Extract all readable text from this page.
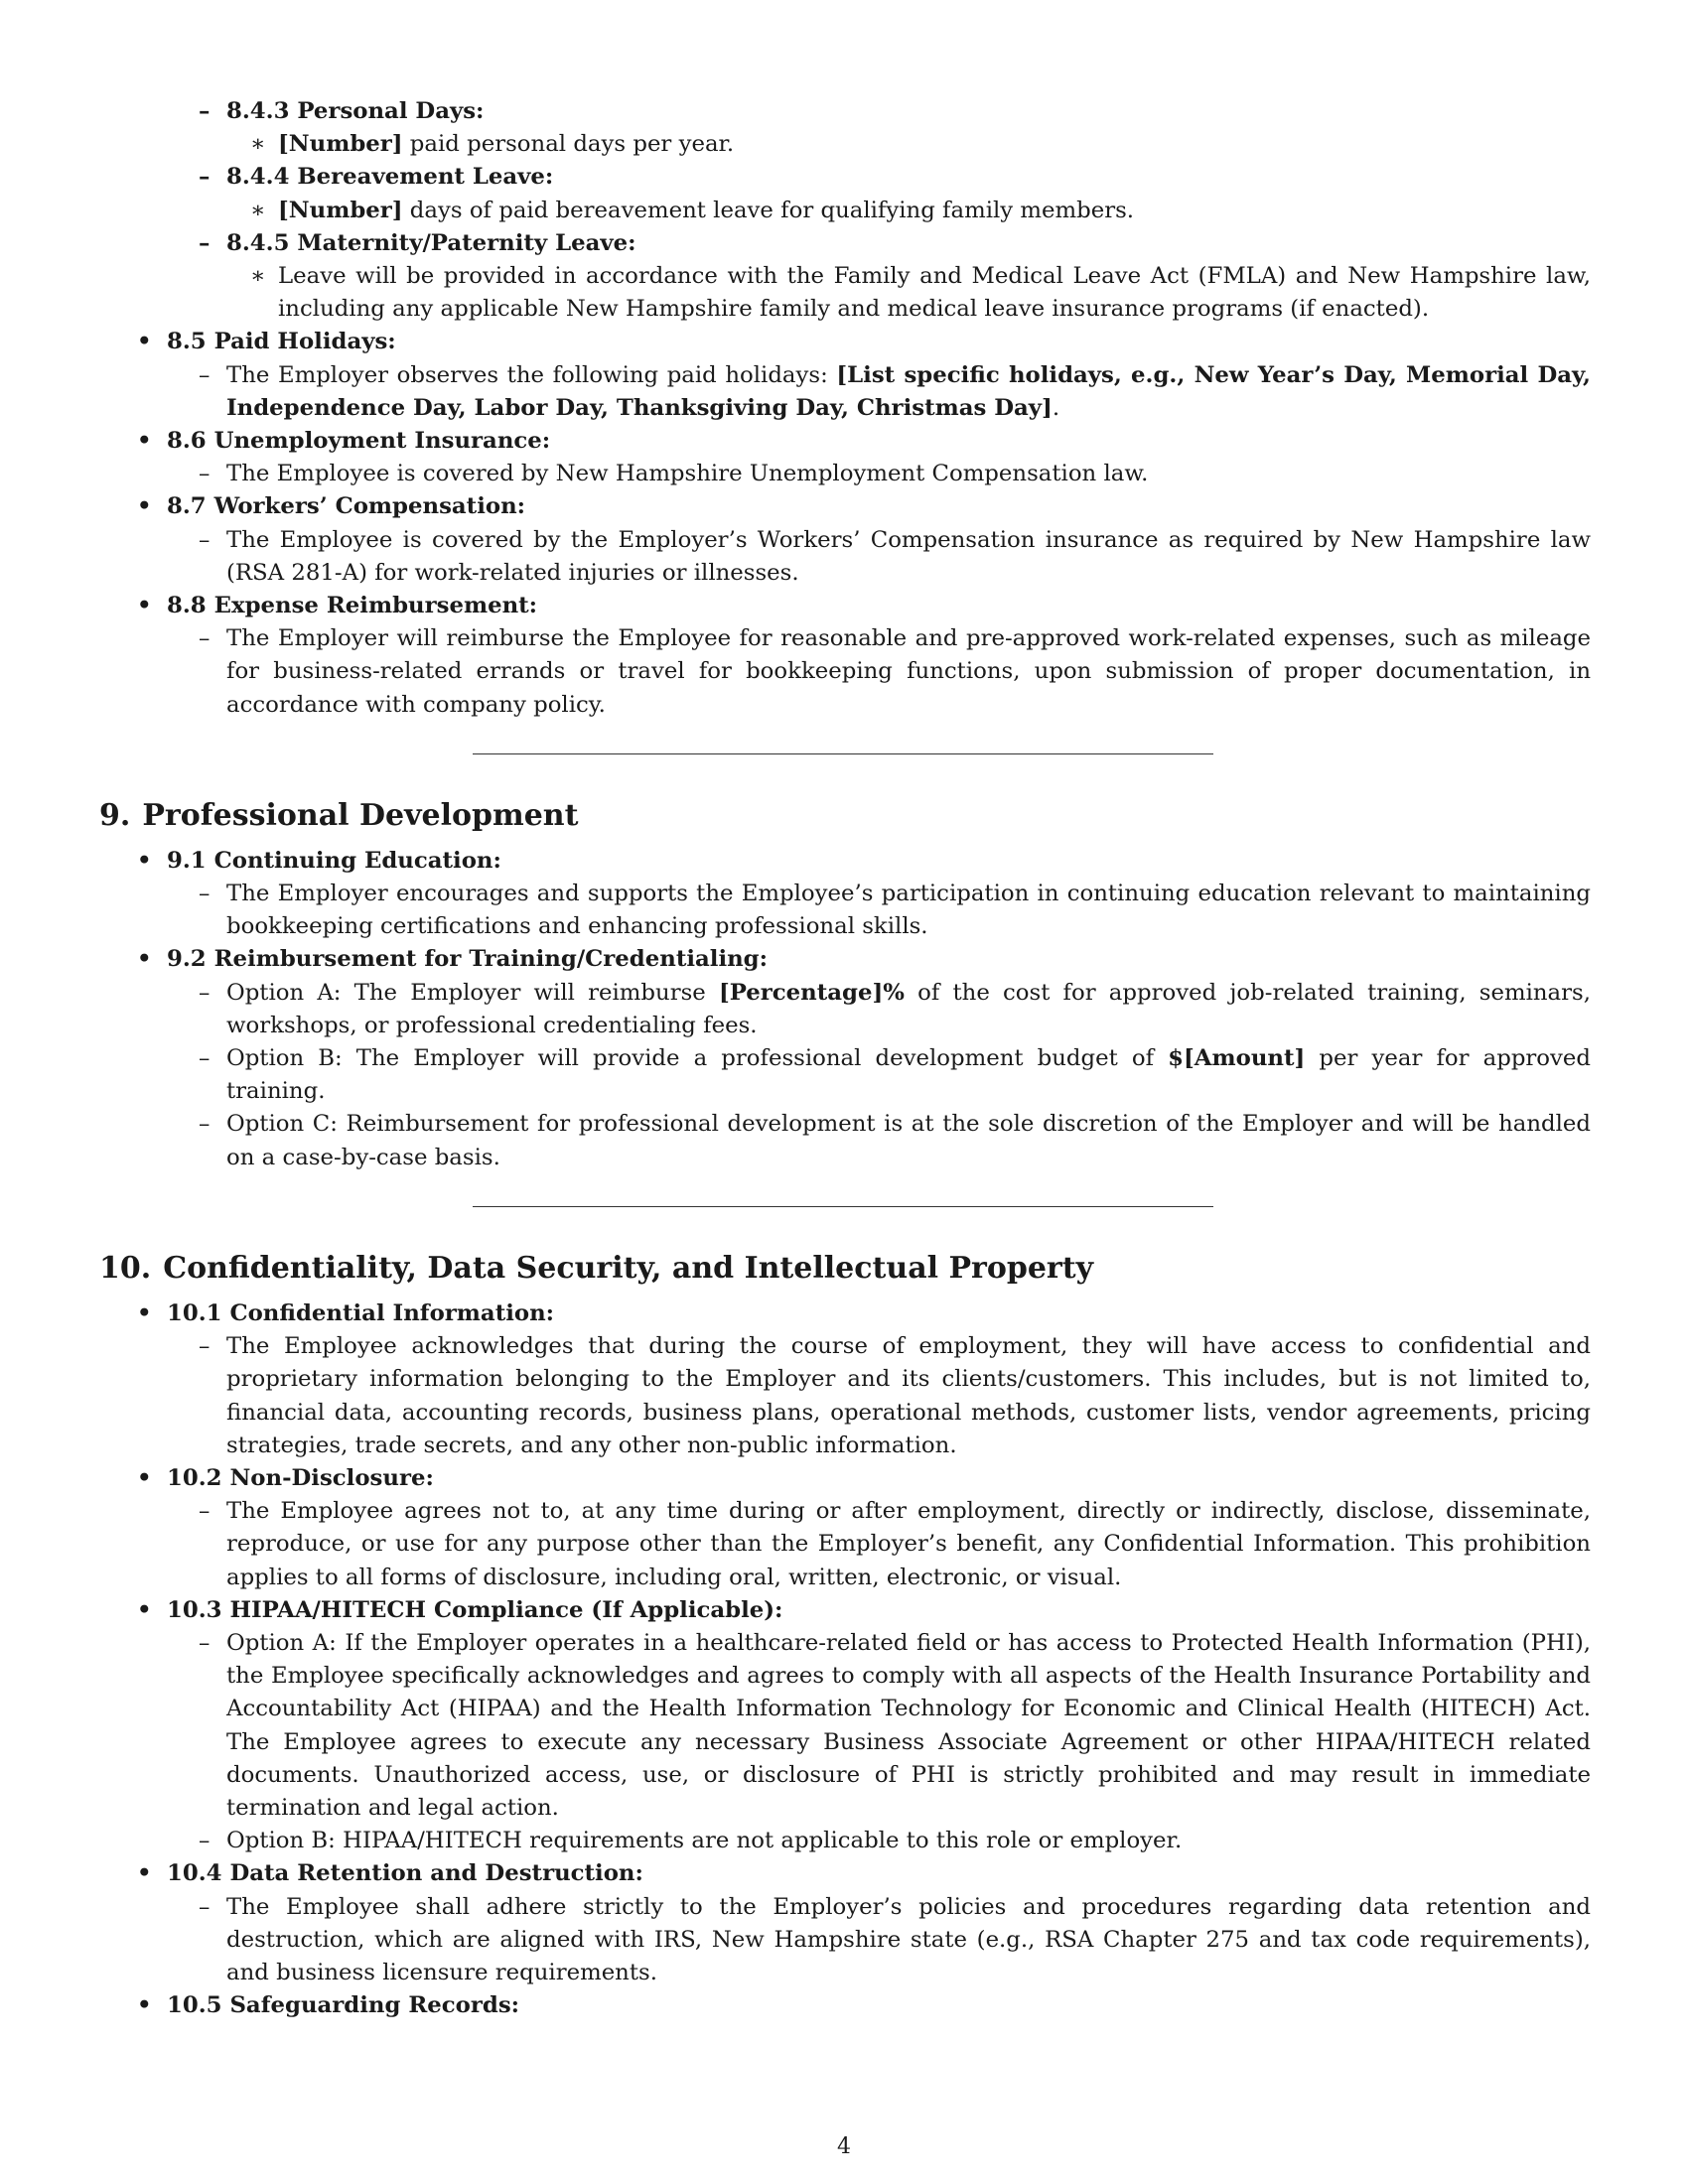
– 8.4.3 Personal Days:
∗ [Number] paid personal days per year.
– 8.4.4 Bereavement Leave:
∗ [Number] days of paid bereavement leave for qualifying family members.
– 8.4.5 Maternity/Paternity Leave:
∗ Leave will be provided in accordance with the Family and Medical Leave Act (FMLA) and New Hampshire law, including any applicable New Hampshire family and medical leave insurance programs (if enacted).
• 8.5 Paid Holidays:
– The Employer observes the following paid holidays: [List specific holidays, e.g., New Year’s Day, Memorial Day, Independence Day, Labor Day, Thanksgiving Day, Christmas Day].
• 8.6 Unemployment Insurance:
– The Employee is covered by New Hampshire Unemployment Compensation law.
• 8.7 Workers’ Compensation:
– The Employee is covered by the Employer’s Workers’ Compensation insurance as required by New Hampshire law (RSA 281-A) for work-related injuries or illnesses.
• 8.8 Expense Reimbursement:
– The Employer will reimburse the Employee for reasonable and pre-approved work-related expenses, such as mileage for business-related errands or travel for bookkeeping functions, upon submission of proper documentation, in accordance with company policy.
9. Professional Development
• 9.1 Continuing Education:
– The Employer encourages and supports the Employee’s participation in continuing education relevant to maintaining bookkeeping certifications and enhancing professional skills.
• 9.2 Reimbursement for Training/Credentialing:
– Option A: The Employer will reimburse [Percentage]% of the cost for approved job-related training, seminars, workshops, or professional credentialing fees.
– Option B: The Employer will provide a professional development budget of $[Amount] per year for approved training.
– Option C: Reimbursement for professional development is at the sole discretion of the Employer and will be handled on a case-by-case basis.
10. Confidentiality, Data Security, and Intellectual Property
• 10.1 Confidential Information:
– The Employee acknowledges that during the course of employment, they will have access to confidential and proprietary information belonging to the Employer and its clients/customers. This includes, but is not limited to, financial data, accounting records, business plans, operational methods, customer lists, vendor agreements, pricing strategies, trade secrets, and any other non-public information.
• 10.2 Non-Disclosure:
– The Employee agrees not to, at any time during or after employment, directly or indirectly, disclose, disseminate, reproduce, or use for any purpose other than the Employer’s benefit, any Confidential Information. This prohibition applies to all forms of disclosure, including oral, written, electronic, or visual.
• 10.3 HIPAA/HITECH Compliance (If Applicable):
– Option A: If the Employer operates in a healthcare-related field or has access to Protected Health Information (PHI), the Employee specifically acknowledges and agrees to comply with all aspects of the Health Insurance Portability and Accountability Act (HIPAA) and the Health Information Technology for Economic and Clinical Health (HITECH) Act. The Employee agrees to execute any necessary Business Associate Agreement or other HIPAA/HITECH related documents. Unauthorized access, use, or disclosure of PHI is strictly prohibited and may result in immediate termination and legal action.
– Option B: HIPAA/HITECH requirements are not applicable to this role or employer.
• 10.4 Data Retention and Destruction:
– The Employee shall adhere strictly to the Employer’s policies and procedures regarding data retention and destruction, which are aligned with IRS, New Hampshire state (e.g., RSA Chapter 275 and tax code requirements), and business licensure requirements.
• 10.5 Safeguarding Records:
4
